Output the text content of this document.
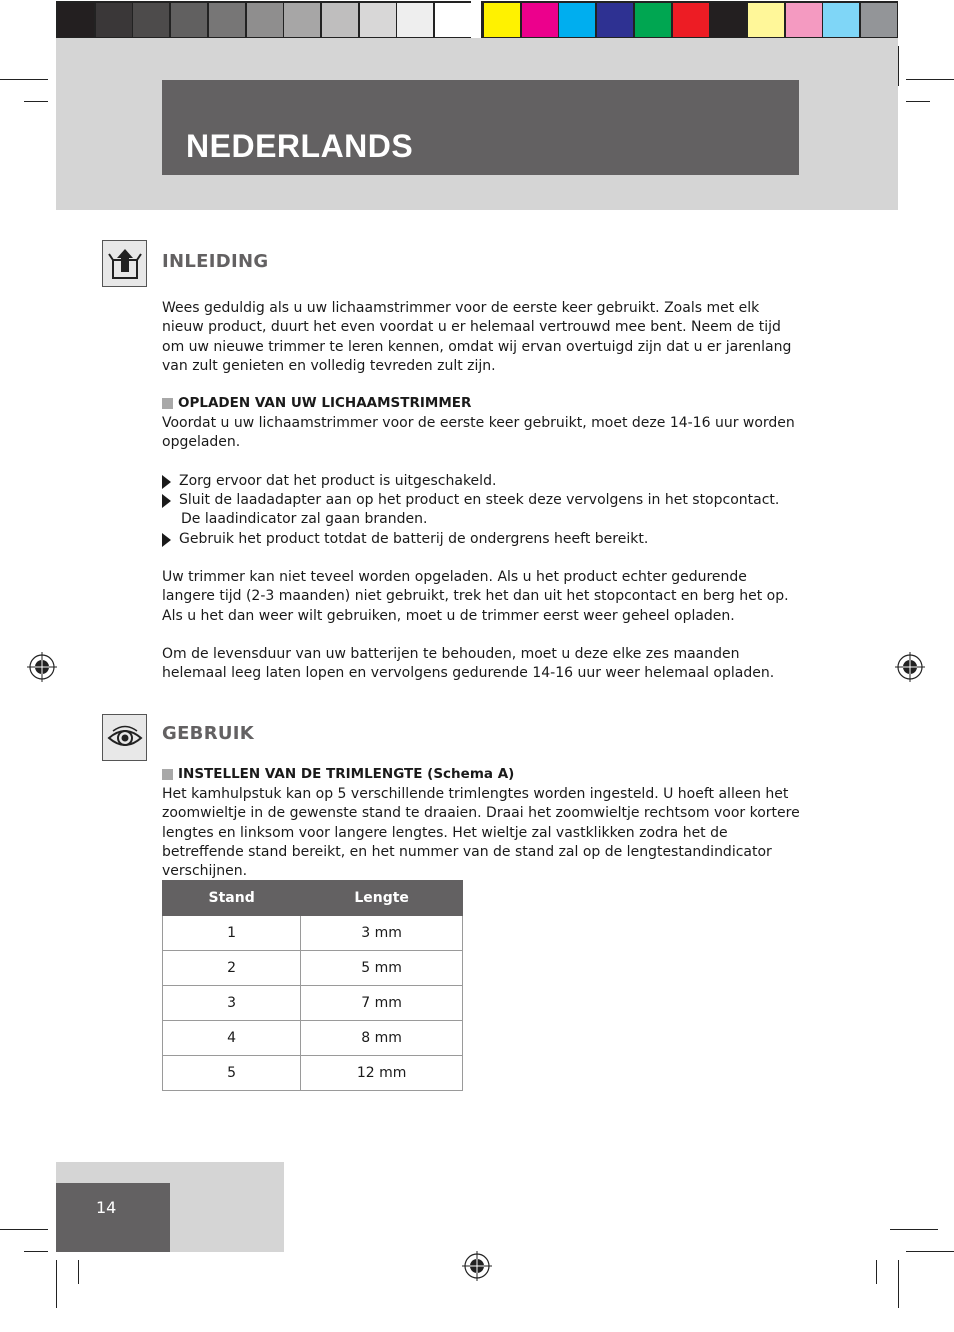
NEDERLANDS
INLEIDING

Wees geduldig als u uw lichaamstrimmer voor de eerste keer gebruikt. Zoals met elk nieuw product, duurt het even voordat u er helemaal vertrouwd mee bent. Neem de tijd om uw nieuwe trimmer te leren kennen, omdat wij ervan overtuigd zijn dat u er jarenlang van zult genieten en volledig tevreden zult zijn.

OPLADEN VAN UW LICHAAMSTRIMMER

Voordat u uw lichaamstrimmer voor de eerste keer gebruikt, moet deze 14-16 uur worden opgeladen.

Zorg ervoor dat het product is uitgeschakeld.
Sluit de laadadapter aan op het product en steek deze vervolgens in het stopcontact.
De laadindicator zal gaan branden.
Gebruik het product totdat de batterij de ondergrens heeft bereikt.

Uw trimmer kan niet teveel worden opgeladen. Als u het product echter gedurende langere tijd (2-3 maanden) niet gebruikt, trek het dan uit het stopcontact en berg het op. Als u het dan weer wilt gebruiken, moet u de trimmer eerst weer geheel opladen.

Om de levensduur van uw batterijen te behouden, moet u deze elke zes maanden helemaal leeg laten lopen en vervolgens gedurende 14-16 uur weer helemaal opladen.

GEBRUIK
INSTELLEN VAN DE TRIMLENGTE (Schema A)

Het kamhulpstuk kan op 5 verschillende trimlengtes worden ingesteld. U hoeft alleen het zoomwieltje in de gewenste stand te draaien. Draai het zoomwieltje rechtsom voor kortere lengtes en linksom voor langere lengtes. Het wieltje zal vastklikken zodra het de betreffende stand bereikt, en het nummer van de stand zal op de lengtestandindicator verschijnen.

Stand	Lengte
1	3 mm
2	5 mm
3	7 mm
4	8 mm
5	12 mm
14
